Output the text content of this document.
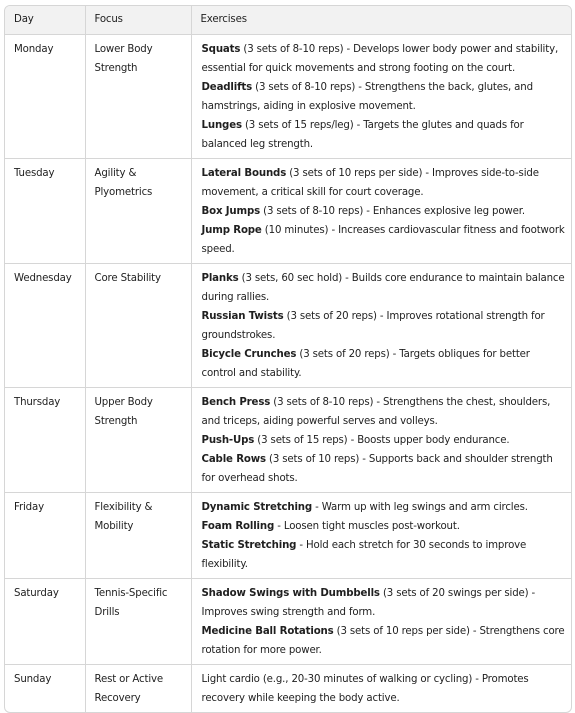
Day	Focus	Exercises
Monday	Lower Body Strength	Squats (3 sets of 8-10 reps) - Develops lower body power and stability, essential for quick movements and strong footing on the court.
Deadlifts (3 sets of 8-10 reps) - Strengthens the back, glutes, and hamstrings, aiding in explosive movement.
Lunges (3 sets of 15 reps/leg) - Targets the glutes and quads for balanced leg strength.

Tuesday	Agility & Plyometrics	Lateral Bounds (3 sets of 10 reps per side) - Improves side-to-side movement, a critical skill for court coverage.
Box Jumps (3 sets of 8-10 reps) - Enhances explosive leg power.
Jump Rope (10 minutes) - Increases cardiovascular fitness and footwork speed.

Wednesday	Core Stability	Planks (3 sets, 60 sec hold) - Builds core endurance to maintain balance during rallies.
Russian Twists (3 sets of 20 reps) - Improves rotational strength for groundstrokes.
Bicycle Crunches (3 sets of 20 reps) - Targets obliques for better control and stability.

Thursday	Upper Body Strength	Bench Press (3 sets of 8-10 reps) - Strengthens the chest, shoulders, and triceps, aiding powerful serves and volleys.
Push-Ups (3 sets of 15 reps) - Boosts upper body endurance.
Cable Rows (3 sets of 10 reps) - Supports back and shoulder strength for overhead shots.

Friday	Flexibility & Mobility	Dynamic Stretching - Warm up with leg swings and arm circles.
Foam Rolling - Loosen tight muscles post-workout.
Static Stretching - Hold each stretch for 30 seconds to improve flexibility.

Saturday	Tennis-Specific Drills	Shadow Swings with Dumbbells (3 sets of 20 swings per side) - Improves swing strength and form.
Medicine Ball Rotations (3 sets of 10 reps per side) - Strengthens core rotation for more power.

Sunday	Rest or Active Recovery	Light cardio (e.g., 20-30 minutes of walking or cycling) - Promotes recovery while keeping the body active.
